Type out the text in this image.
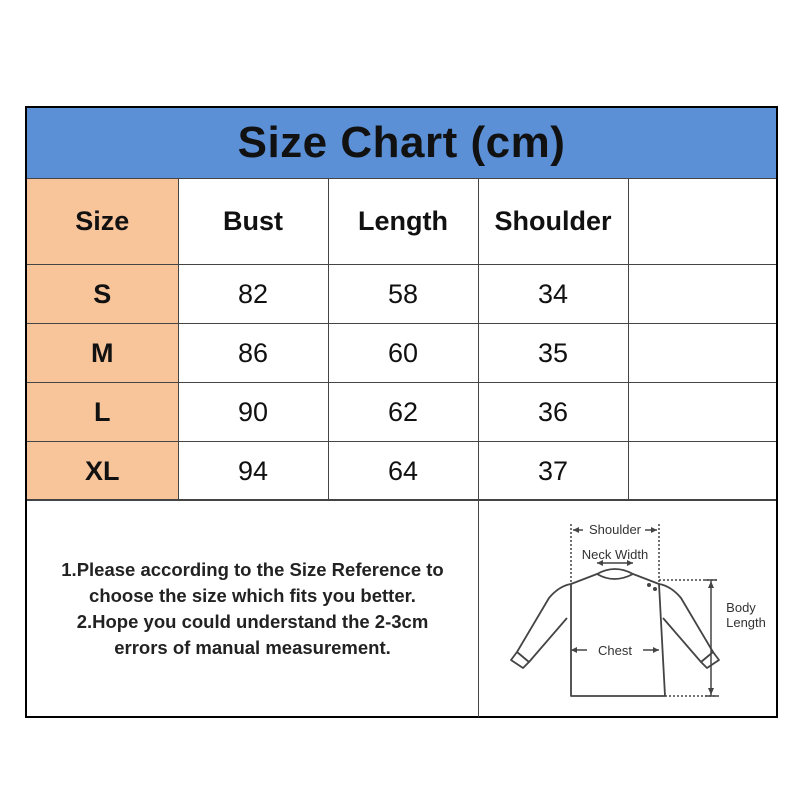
Size Chart (cm)
Size	Bust	Length	Shoulder	
S	82	58	34	
M	86	60	35	
L	90	62	36	
XL	94	64	37	

1.Please according to the Size Reference to

choose the size which fits you better.

2.Hope you could understand the 2-3cm

errors of manual measurement.

Shoulder
Neck Width
Chest
Body
Length
